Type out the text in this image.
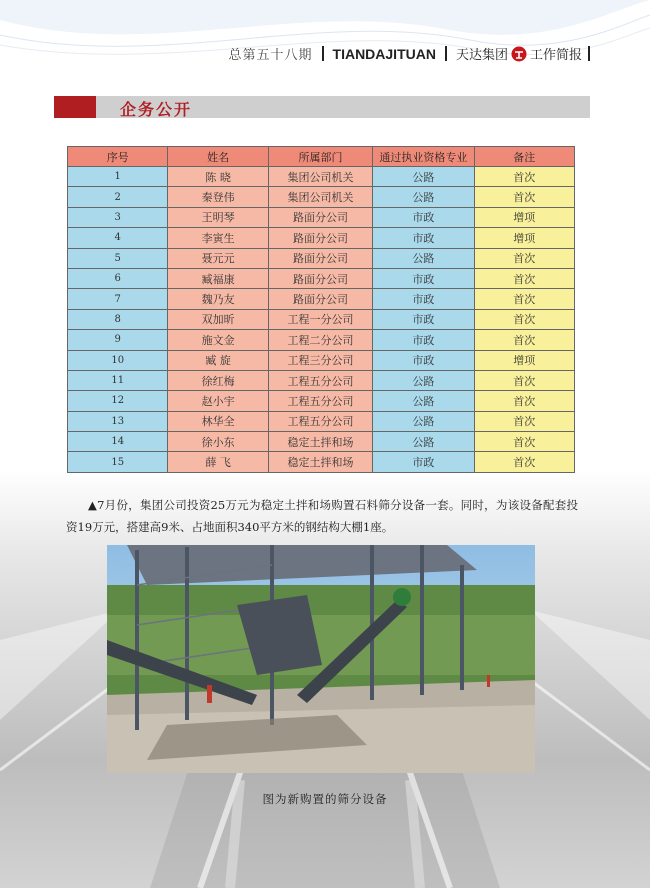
总第五十八期 TIANDAJITUAN 天达集团 工作简报
企务公开
序号	姓名	所属部门	通过执业资格专业	备注
1	陈 晓	集团公司机关	公路	首次
2	秦登伟	集团公司机关	公路	首次
3	王明琴	路面分公司	市政	增项
4	李寅生	路面分公司	市政	增项
5	聂元元	路面分公司	公路	首次
6	臧福康	路面分公司	市政	首次
7	魏乃友	路面分公司	市政	首次
8	双加昕	工程一分公司	市政	首次
9	施文金	工程二分公司	市政	首次
10	臧 旋	工程三分公司	市政	增项
11	徐红梅	工程五分公司	公路	首次
12	赵小宇	工程五分公司	公路	首次
13	林华全	工程五分公司	公路	首次
14	徐小东	稳定土拌和场	公路	首次
15	薛 飞	稳定土拌和场	市政	首次
▲7月份，集团公司投资25万元为稳定土拌和场购置石料筛分设备一套。同时，为该设备配套投资19万元，搭建高9米、占地面积340平方米的钢结构大棚1座。
图为新购置的筛分设备
